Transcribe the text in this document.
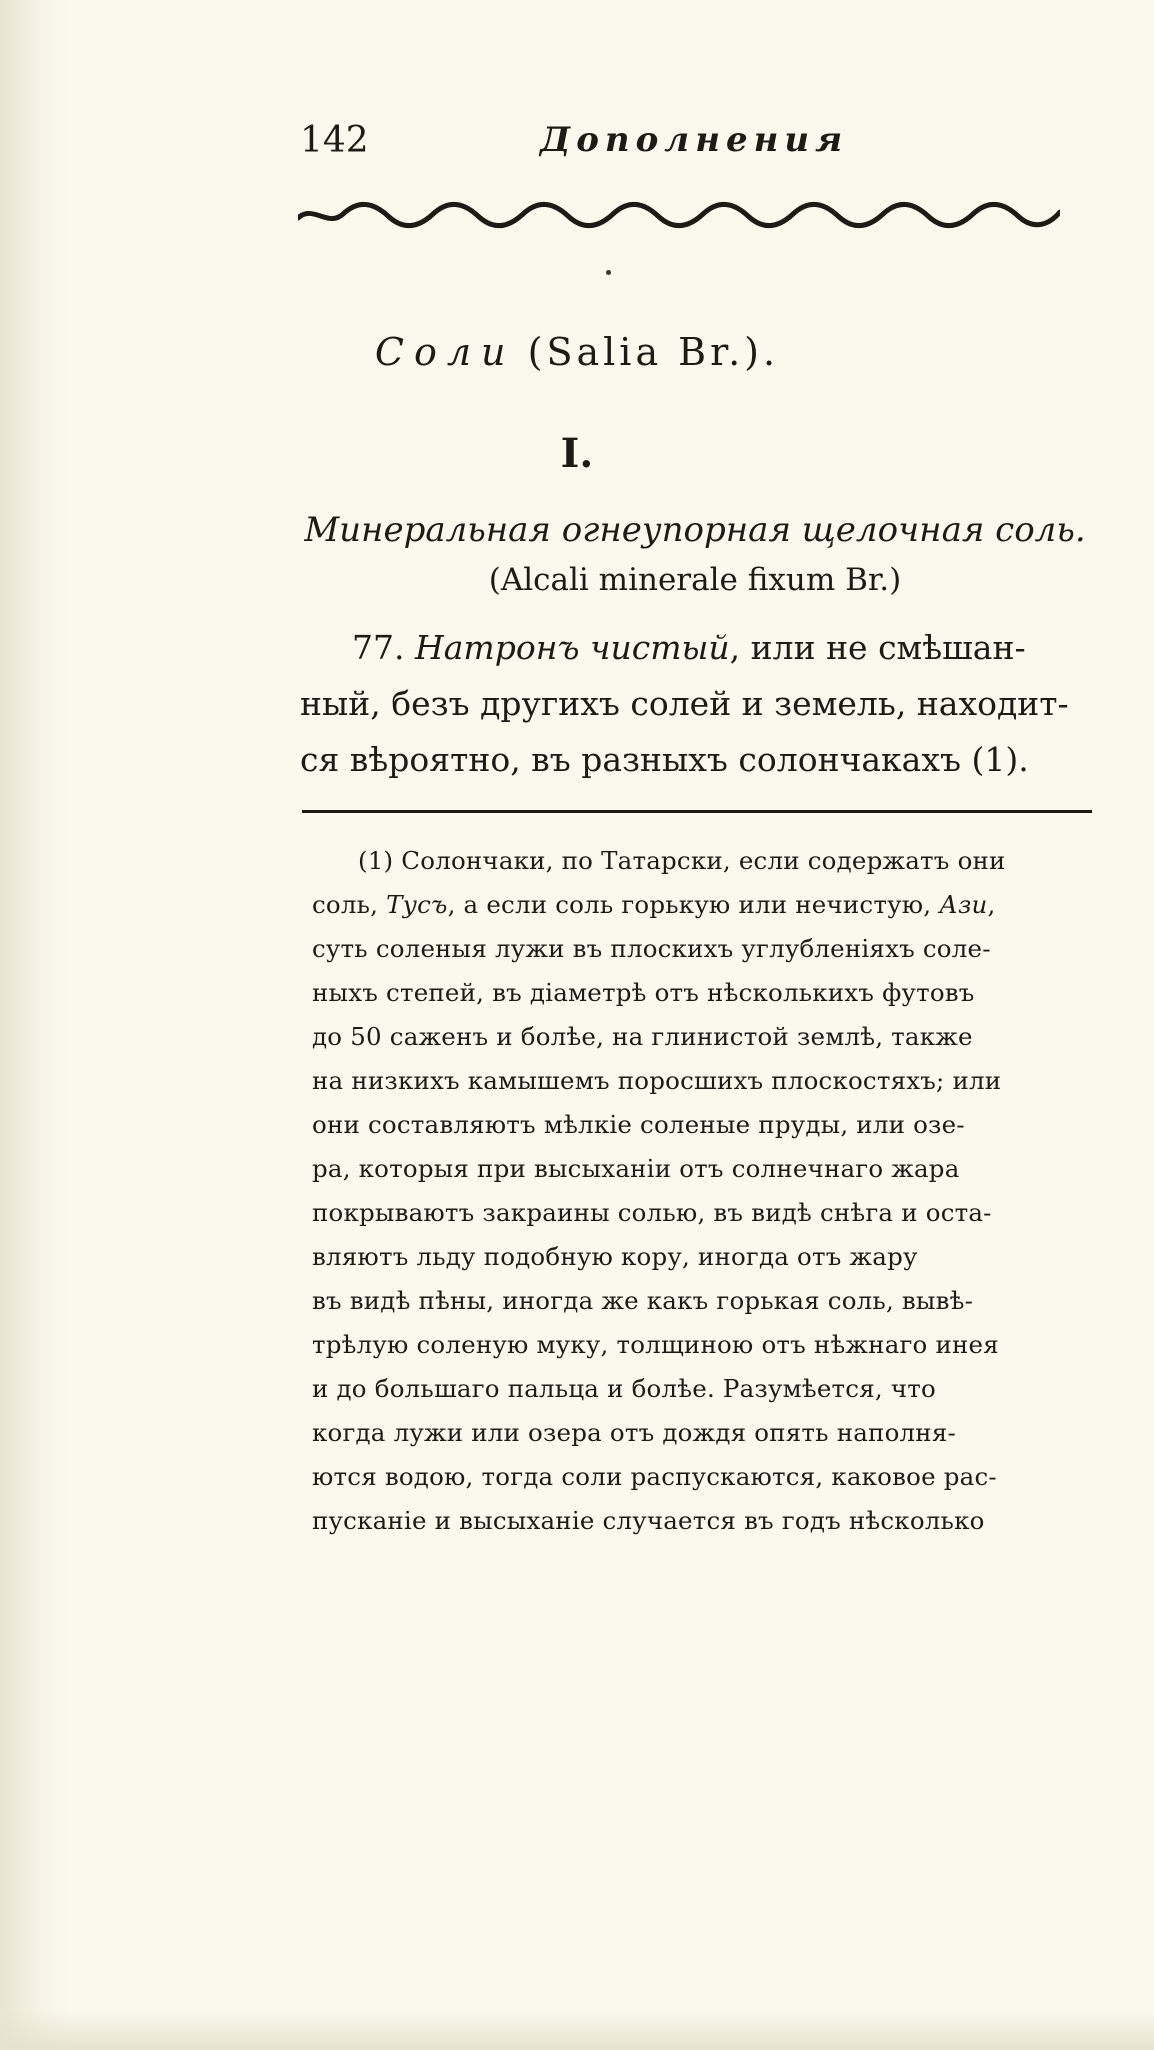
142	Дополнения
Соли (Salia Br.).
I.
Минеральная огнеупорная щелочная соль.
(Alcali minerale fixum Br.)
77. Натронъ чистый, или не смѣшан-
ный, безъ другихъ солей и земель, находит-
ся вѣроятно, въ разныхъ солончакахъ (1).
(1) Солончаки, по Татарски, если содержатъ они
соль, Тусъ, а если соль горькую или нечистую, Ази,
суть соленыя лужи въ плоскихъ углубленіяхъ соле-
ныхъ степей, въ діаметрѣ отъ нѣсколькихъ футовъ
до 50 саженъ и болѣе, на глинистой землѣ, также
на низкихъ камышемъ поросшихъ плоскостяхъ; или
они составляютъ мѣлкіе соленые пруды, или озе-
ра, которыя при высыханіи отъ солнечнаго жара
покрываютъ закраины солью, въ видѣ снѣга и оста-
вляютъ льду подобную кору, иногда отъ жару
въ видѣ пѣны, иногда же какъ горькая соль, вывѣ-
трѣлую соленую муку, толщиною отъ нѣжнаго инея
и до большаго пальца и болѣе. Разумѣется, что
когда лужи или озера отъ дождя опять наполня-
ются водою, тогда соли распускаются, каковое рас-
пусканіе и высыханіе случается въ годъ нѣсколько
